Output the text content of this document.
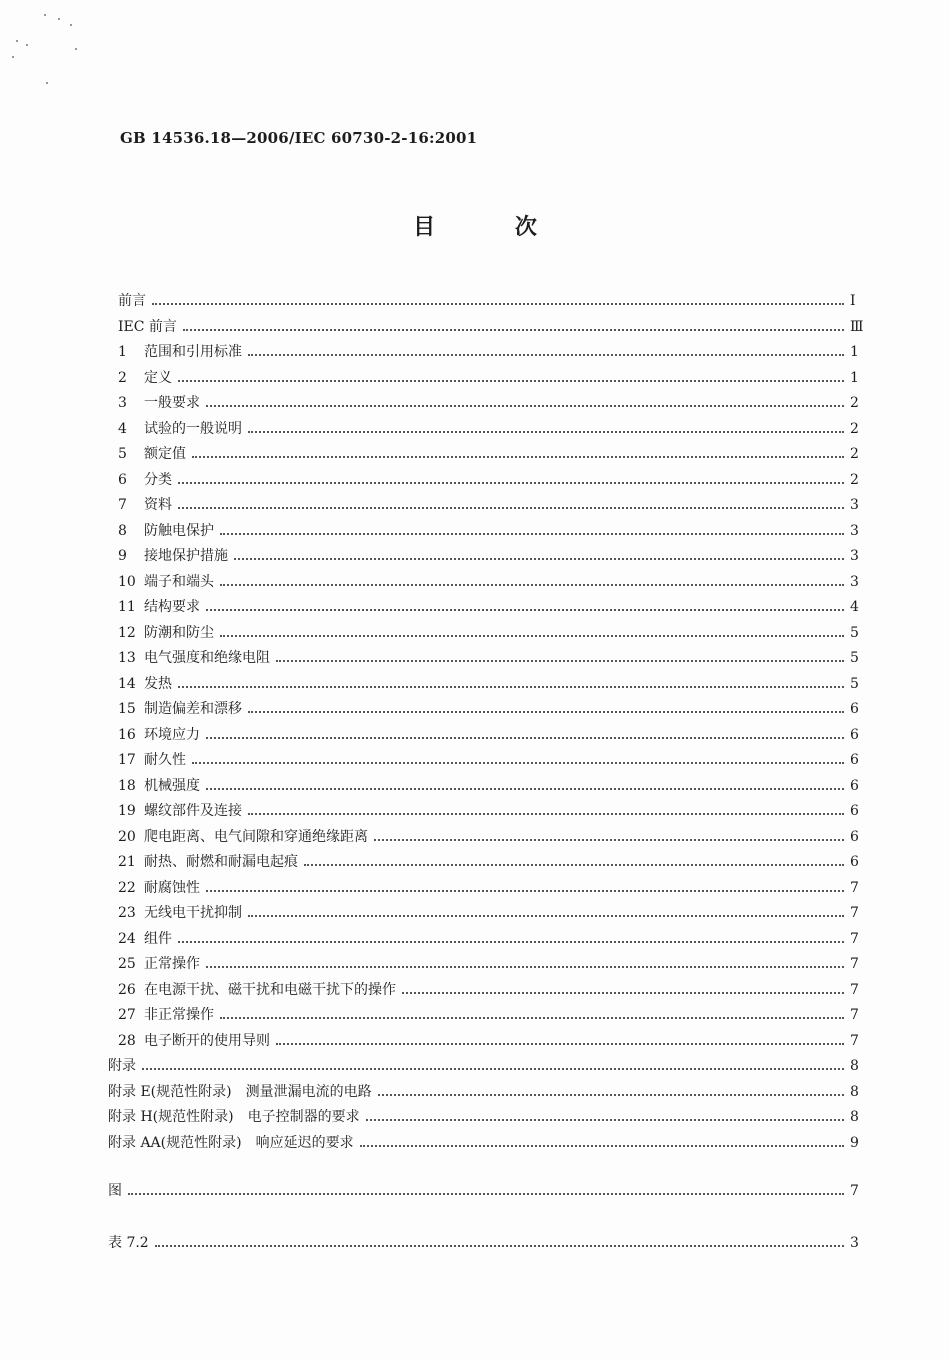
GB 14536.18—2006/IEC 60730-2-16:2001
目 次
前言	Ⅰ
IEC 前言	Ⅲ
1	范围和引用标准	1
2	定义	1
3	一般要求	2
4	试验的一般说明	2
5	额定值	2
6	分类	2
7	资料	3
8	防触电保护	3
9	接地保护措施	3
10 端子和端头	3
11 结构要求	4
12 防潮和防尘	5
13 电气强度和绝缘电阻	5
14 发热	5
15 制造偏差和漂移	6
16 环境应力	6
17 耐久性	6
18 机械强度	6
19 螺纹部件及连接	6
20 爬电距离、电气间隙和穿通绝缘距离	6
21 耐热、耐燃和耐漏电起痕	6
22 耐腐蚀性	7
23 无线电干扰抑制	7
24 组件	7
25 正常操作	7
26 在电源干扰、磁干扰和电磁干扰下的操作	7
27 非正常操作	7
28 电子断开的使用导则	7
附录	8
附录 E(规范性附录)　测量泄漏电流的电路	8
附录 H(规范性附录)　电子控制器的要求	8
附录 AA(规范性附录)　响应延迟的要求	9
图	7
表 7.2	3
